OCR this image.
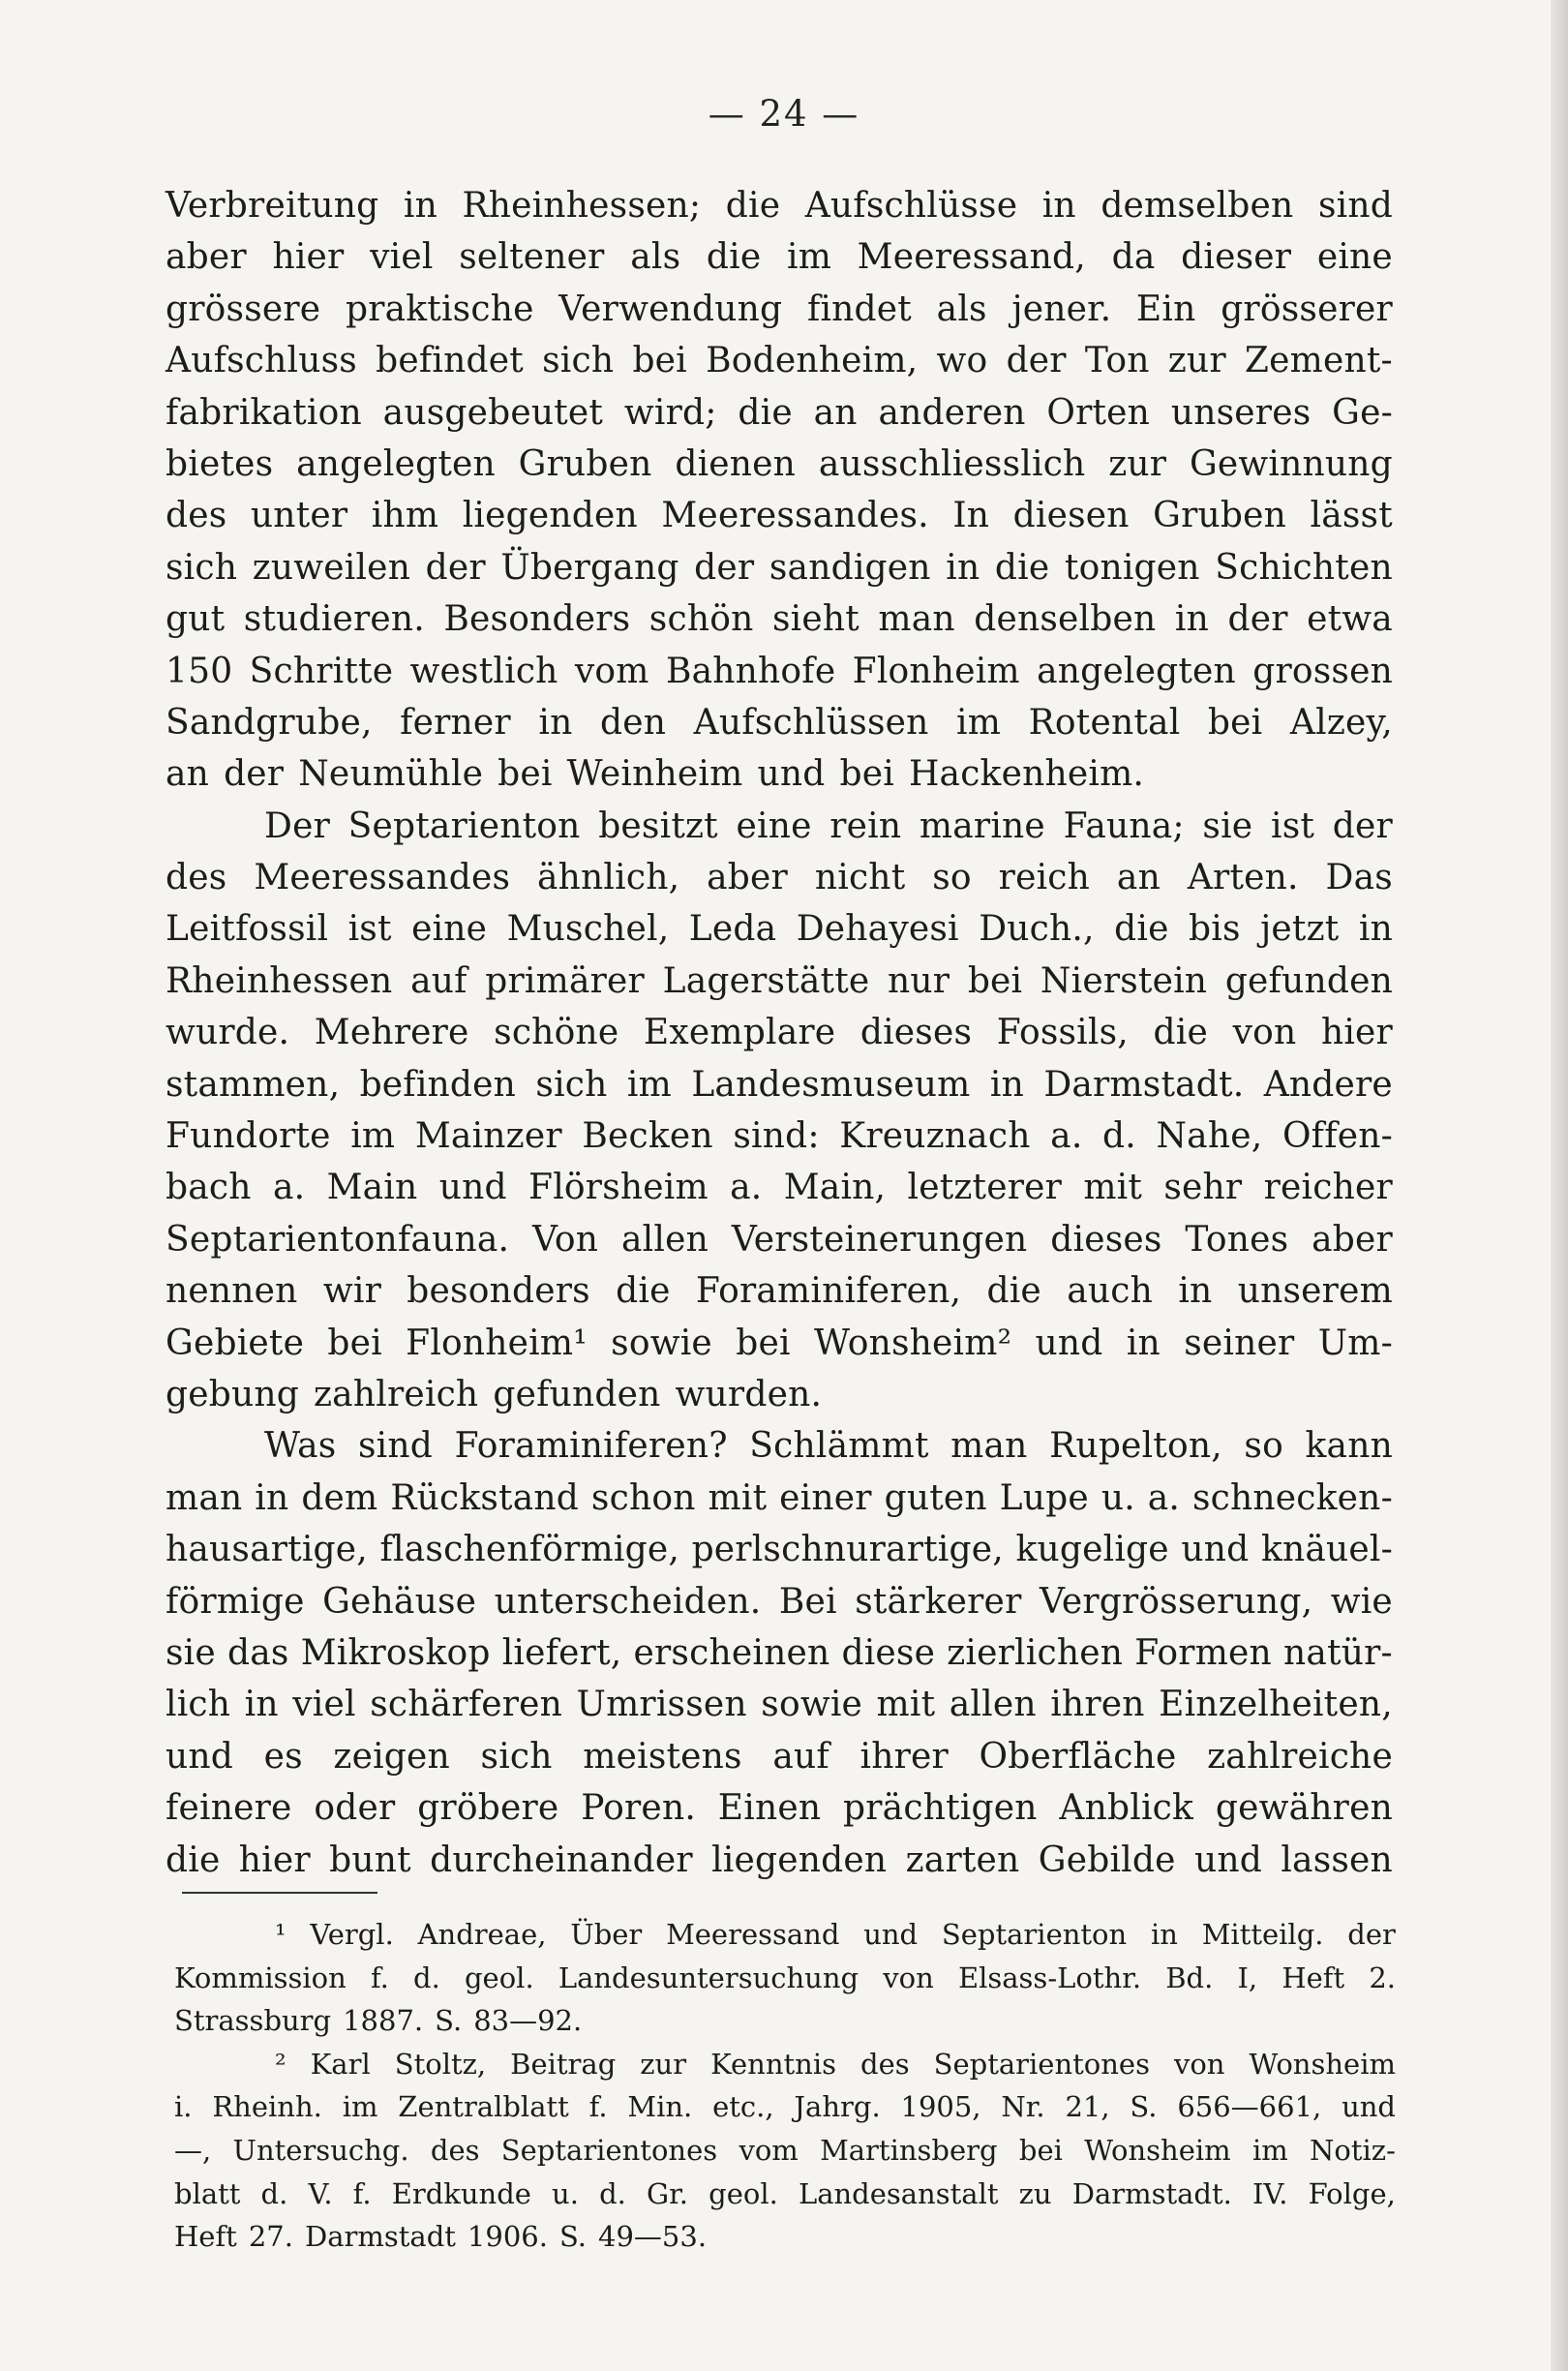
— 24 —
Verbreitung in Rheinhessen; die Aufschlüsse in demselben sind
aber hier viel seltener als die im Meeressand, da dieser eine
grössere praktische Verwendung findet als jener. Ein grösserer
Aufschluss befindet sich bei Bodenheim, wo der Ton zur Zement-
fabrikation ausgebeutet wird; die an anderen Orten unseres Ge-
bietes angelegten Gruben dienen ausschliesslich zur Gewinnung
des unter ihm liegenden Meeressandes. In diesen Gruben lässt
sich zuweilen der Übergang der sandigen in die tonigen Schichten
gut studieren. Besonders schön sieht man denselben in der etwa
150 Schritte westlich vom Bahnhofe Flonheim angelegten grossen
Sandgrube, ferner in den Aufschlüssen im Rotental bei Alzey,
an der Neumühle bei Weinheim und bei Hackenheim.
Der Septarienton besitzt eine rein marine Fauna; sie ist der
des Meeressandes ähnlich, aber nicht so reich an Arten. Das
Leitfossil ist eine Muschel, Leda Dehayesi Duch., die bis jetzt in
Rheinhessen auf primärer Lagerstätte nur bei Nierstein gefunden
wurde. Mehrere schöne Exemplare dieses Fossils, die von hier
stammen, befinden sich im Landesmuseum in Darmstadt. Andere
Fundorte im Mainzer Becken sind: Kreuznach a. d. Nahe, Offen-
bach a. Main und Flörsheim a. Main, letzterer mit sehr reicher
Septarientonfauna. Von allen Versteinerungen dieses Tones aber
nennen wir besonders die Foraminiferen, die auch in unserem
Gebiete bei Flonheim¹ sowie bei Wonsheim² und in seiner Um-
gebung zahlreich gefunden wurden.
Was sind Foraminiferen? Schlämmt man Rupelton, so kann
man in dem Rückstand schon mit einer guten Lupe u. a. schnecken-
hausartige, flaschenförmige, perlschnurartige, kugelige und knäuel-
förmige Gehäuse unterscheiden. Bei stärkerer Vergrösserung, wie
sie das Mikroskop liefert, erscheinen diese zierlichen Formen natür-
lich in viel schärferen Umrissen sowie mit allen ihren Einzelheiten,
und es zeigen sich meistens auf ihrer Oberfläche zahlreiche
feinere oder gröbere Poren. Einen prächtigen Anblick gewähren
die hier bunt durcheinander liegenden zarten Gebilde und lassen
¹ Vergl. Andreae, Über Meeressand und Septarienton in Mitteilg. der
Kommission f. d. geol. Landesuntersuchung von Elsass-Lothr. Bd. I, Heft 2.
Strassburg 1887. S. 83—92.
² Karl Stoltz, Beitrag zur Kenntnis des Septarientones von Wonsheim
i. Rheinh. im Zentralblatt f. Min. etc., Jahrg. 1905, Nr. 21, S. 656—661, und
—, Untersuchg. des Septarientones vom Martinsberg bei Wonsheim im Notiz-
blatt d. V. f. Erdkunde u. d. Gr. geol. Landesanstalt zu Darmstadt. IV. Folge,
Heft 27. Darmstadt 1906. S. 49—53.
